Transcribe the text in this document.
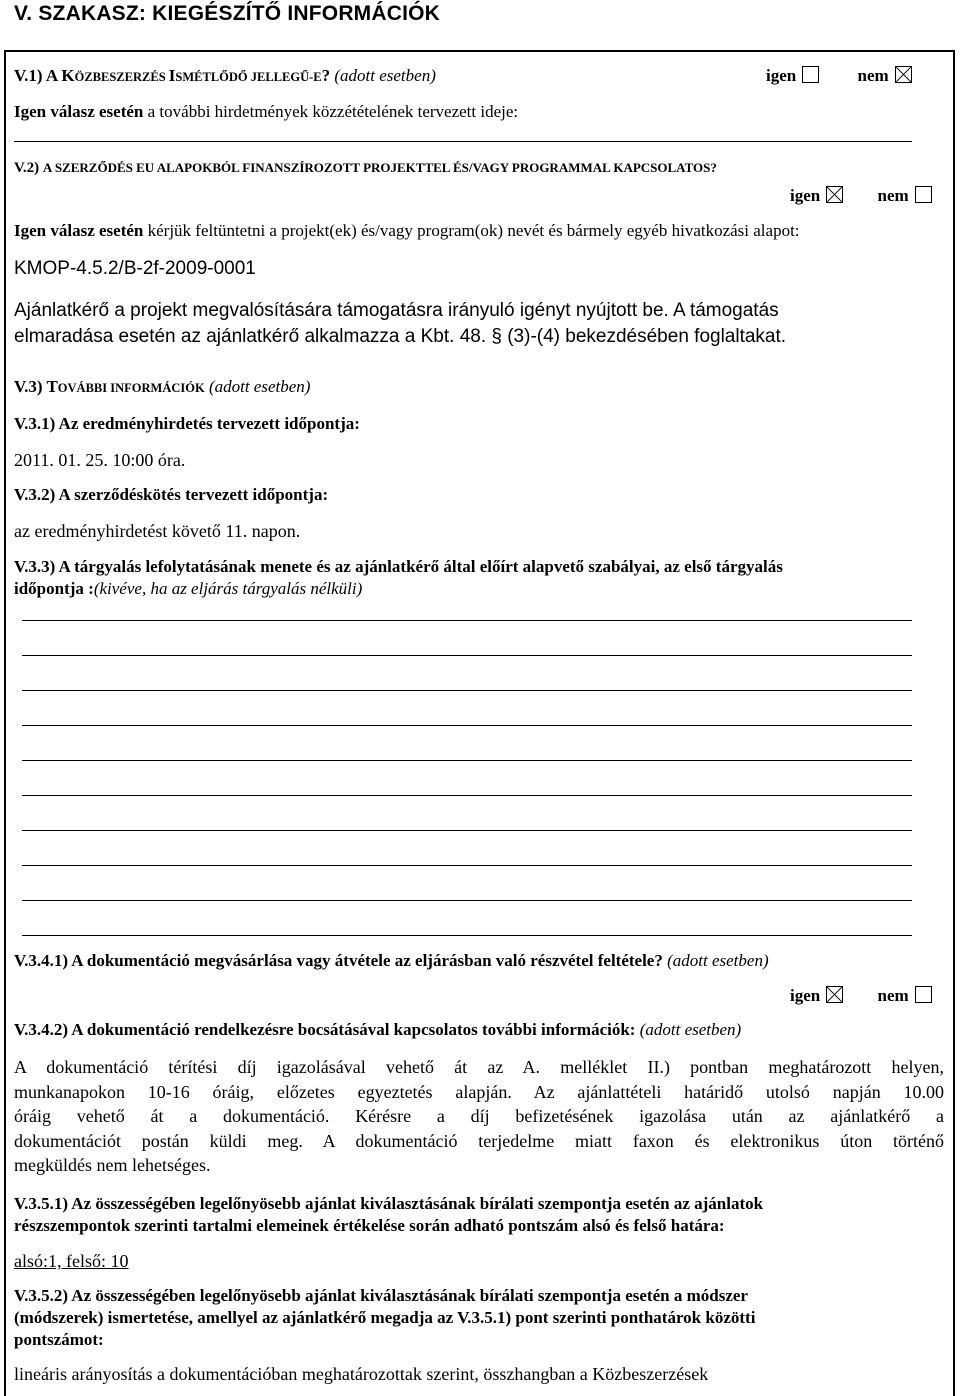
V. SZAKASZ: KIEGÉSZÍTŐ INFORMÁCIÓK
V.1) A KÖZBESZERZÉS ISMÉTLŐDŐ JELLEGŰ-E? (adott esetben)	igen	nem
Igen válasz esetén a további hirdetmények közzétételének tervezett ideje:
V.2) A SZERZŐDÉS EU ALAPOKBÓL FINANSZÍROZOTT PROJEKTTEL ÉS/VAGY PROGRAMMAL KAPCSOLATOS?
igen	nem
Igen válasz esetén kérjük feltüntetni a projekt(ek) és/vagy program(ok) nevét és bármely egyéb hivatkozási alapot:
KMOP-4.5.2/B-2f-2009-0001
Ajánlatkérő a projekt megvalósítására támogatásra irányuló igényt nyújtott be. A támogatás
elmaradása esetén az ajánlatkérő alkalmazza a Kbt. 48. § (3)-(4) bekezdésében foglaltakat.
V.3) TOVÁBBI INFORMÁCIÓK (adott esetben)
V.3.1) Az eredményhirdetés tervezett időpontja:
2011. 01. 25. 10:00 óra.
V.3.2) A szerződéskötés tervezett időpontja:
az eredményhirdetést követő 11. napon.
V.3.3) A tárgyalás lefolytatásának menete és az ajánlatkérő által előírt alapvető szabályai, az első tárgyalás
időpontja :(kivéve, ha az eljárás tárgyalás nélküli)
V.3.4.1) A dokumentáció megvásárlása vagy átvétele az eljárásban való részvétel feltétele? (adott esetben)
igen	nem
V.3.4.2) A dokumentáció rendelkezésre bocsátásával kapcsolatos további információk: (adott esetben)
A dokumentáció térítési díj igazolásával vehető át az A. melléklet II.) pontban meghatározott helyen,
munkanapokon 10-16 óráig, előzetes egyeztetés alapján. Az ajánlattételi határidő utolsó napján 10.00
óráig vehető át a dokumentáció. Kérésre a díj befizetésének igazolása után az ajánlatkérő a
dokumentációt postán küldi meg. A dokumentáció terjedelme miatt faxon és elektronikus úton történő
megküldés nem lehetséges.
V.3.5.1) Az összességében legelőnyösebb ajánlat kiválasztásának bírálati szempontja esetén az ajánlatok
részszempontok szerinti tartalmi elemeinek értékelése során adható pontszám alsó és felső határa:
alsó:1, felső: 10
V.3.5.2) Az összességében legelőnyösebb ajánlat kiválasztásának bírálati szempontja esetén a módszer
(módszerek) ismertetése, amellyel az ajánlatkérő megadja az V.3.5.1) pont szerinti ponthatárok közötti
pontszámot:
lineáris arányosítás a dokumentációban meghatározottak szerint, összhangban a Közbeszerzések
